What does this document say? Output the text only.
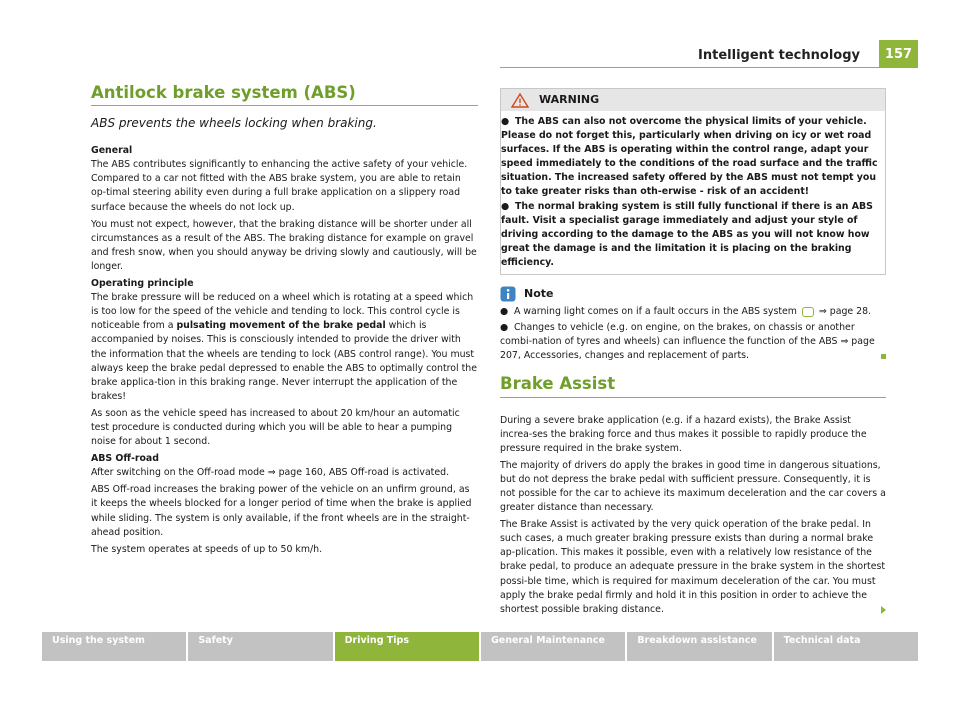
Intelligent technology	157
Antilock brake system (ABS)
ABS prevents the wheels locking when braking.

General
The ABS contributes significantly to enhancing the active safety of your vehicle. Compared to a car not fitted with the ABS brake system, you are able to retain op-timal steering ability even during a full brake application on a slippery road surface because the wheels do not lock up.

You must not expect, however, that the braking distance will be shorter under all circumstances as a result of the ABS. The braking distance for example on gravel and fresh snow, when you should anyway be driving slowly and cautiously, will be longer.

Operating principle
The brake pressure will be reduced on a wheel which is rotating at a speed which is too low for the speed of the vehicle and tending to lock. This control cycle is noticeable from a pulsating movement of the brake pedal which is accompanied by noises. This is consciously intended to provide the driver with the information that the wheels are tending to lock (ABS control range). You must always keep the brake pedal depressed to enable the ABS to optimally control the brake applica-tion in this braking range. Never interrupt the application of the brakes!

As soon as the vehicle speed has increased to about 20 km/hour an automatic test procedure is conducted during which you will be able to hear a pumping noise for about 1 second.

ABS Off-road
After switching on the Off-road mode ⇒ page 160, ABS Off-road is activated.

ABS Off-road increases the braking power of the vehicle on an unfirm ground, as it keeps the wheels blocked for a longer period of time when the brake is applied while sliding. The system is only available, if the front wheels are in the straight-ahead position.

The system operates at speeds of up to 50 km/h.

WARNING

● The ABS can also not overcome the physical limits of your vehicle. Please do not forget this, particularly when driving on icy or wet road surfaces. If the ABS is operating within the control range, adapt your speed immediately to the conditions of the road surface and the traffic situation. The increased safety offered by the ABS must not tempt you to take greater risks than oth-erwise - risk of an accident!

● The normal braking system is still fully functional if there is an ABS fault. Visit a specialist garage immediately and adjust your style of driving according to the damage to the ABS as you will not know how great the damage is and the limitation it is placing on the braking efficiency.

Note

● A warning light comes on if a fault occurs in the ABS system ⇒ page 28.

● Changes to vehicle (e.g. on engine, on the brakes, on chassis or another combi-nation of tyres and wheels) can influence the function of the ABS ⇒ page 207, Accessories, changes and replacement of parts.

Brake Assist

During a severe brake application (e.g. if a hazard exists), the Brake Assist increa-ses the braking force and thus makes it possible to rapidly produce the pressure required in the brake system.

The majority of drivers do apply the brakes in good time in dangerous situations, but do not depress the brake pedal with sufficient pressure. Consequently, it is not possible for the car to achieve its maximum deceleration and the car covers a greater distance than necessary.

The Brake Assist is activated by the very quick operation of the brake pedal. In such cases, a much greater braking pressure exists than during a normal brake ap-plication. This makes it possible, even with a relatively low resistance of the brake pedal, to produce an adequate pressure in the brake system in the shortest possi-ble time, which is required for maximum deceleration of the car. You must apply the brake pedal firmly and hold it in this position in order to achieve the shortest possible braking distance.

Using the system	Safety	Driving Tips	General Maintenance	Breakdown assistance	Technical data
